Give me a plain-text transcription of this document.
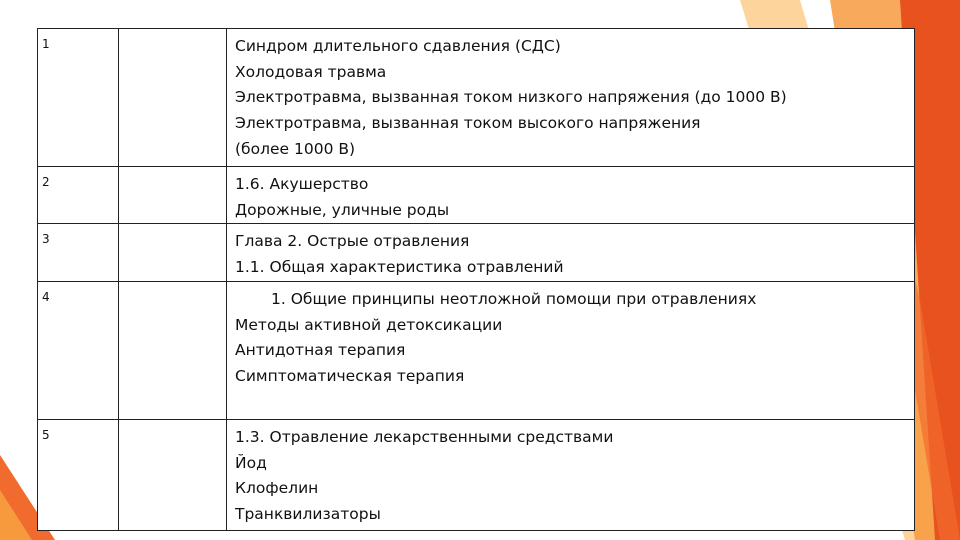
1		Синдром длительного сдавления (СДС)
Холодовая травма
Электротравма, вызванная током низкого напряжения (до 1000 В)
Электротравма, вызванная током высокого напряжения
(более 1000 В)

2		1.6. Акушерство
Дорожные, уличные роды

3		Глава 2. Острые отравления
1.1. Общая характеристика отравлений

4		1. Общие принципы неотложной помощи при отравлениях
Методы активной детоксикации
Антидотная терапия
Симптоматическая терапия

5		1.3. Отравление лекарственными средствами
Йод
Клофелин
Транквилизаторы
